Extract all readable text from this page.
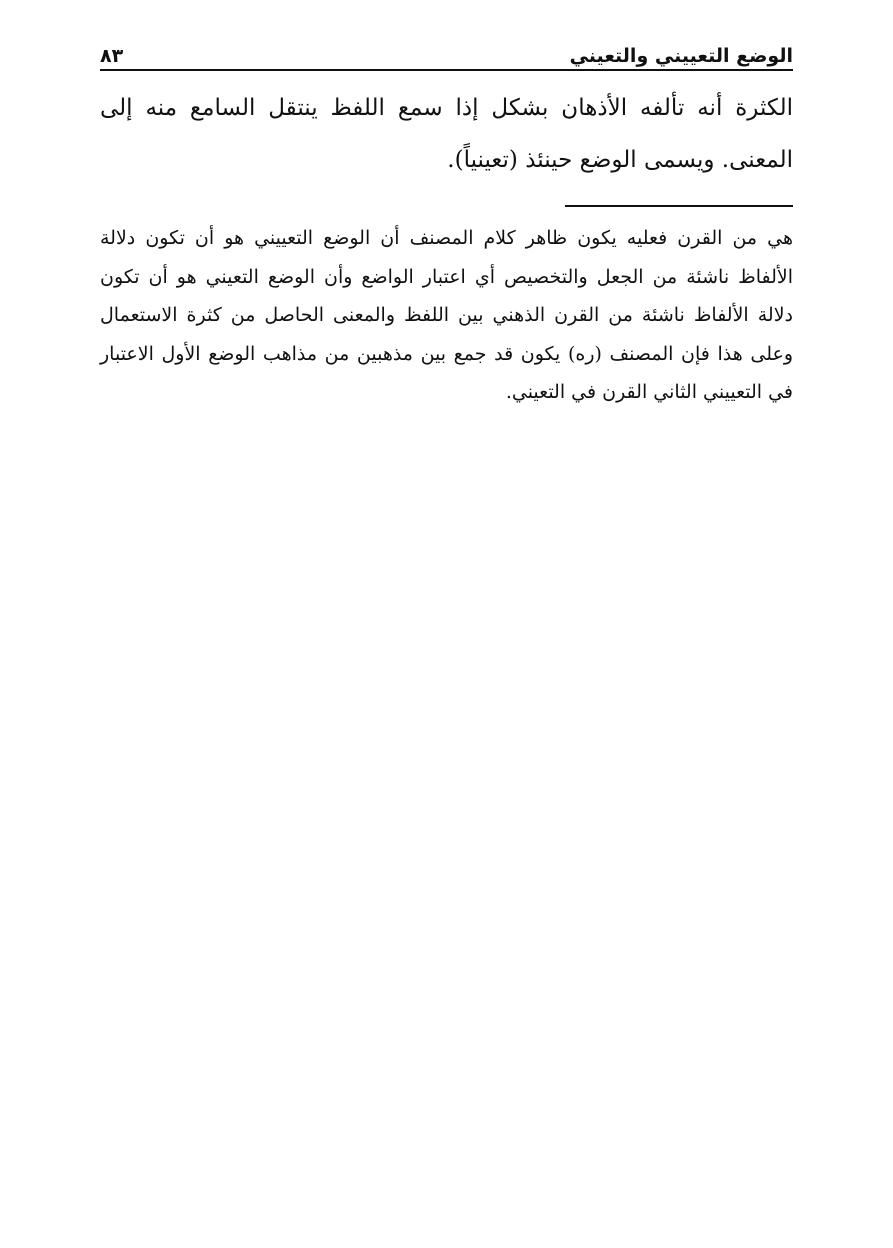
الوضع التعييني والتعيني
٨٣

الكثرة أنه تألفه الأذهان بشكل إذا سمع اللفظ ينتقل السامع منه إلى المعنى. ويسمى الوضع حينئذ (تعينياً).

هي من القرن فعليه يكون ظاهر كلام المصنف أن الوضع التعييني هو أن تكون دلالة الألفاظ ناشئة من الجعل والتخصيص أي اعتبار الواضع وأن الوضع التعيني هو أن تكون دلالة الألفاظ ناشئة من القرن الذهني بين اللفظ والمعنى الحاصل من كثرة الاستعمال وعلى هذا فإن المصنف (ره) يكون قد جمع بين مذهبين من مذاهب الوضع الأول الاعتبار في التعييني الثاني القرن في التعيني.
